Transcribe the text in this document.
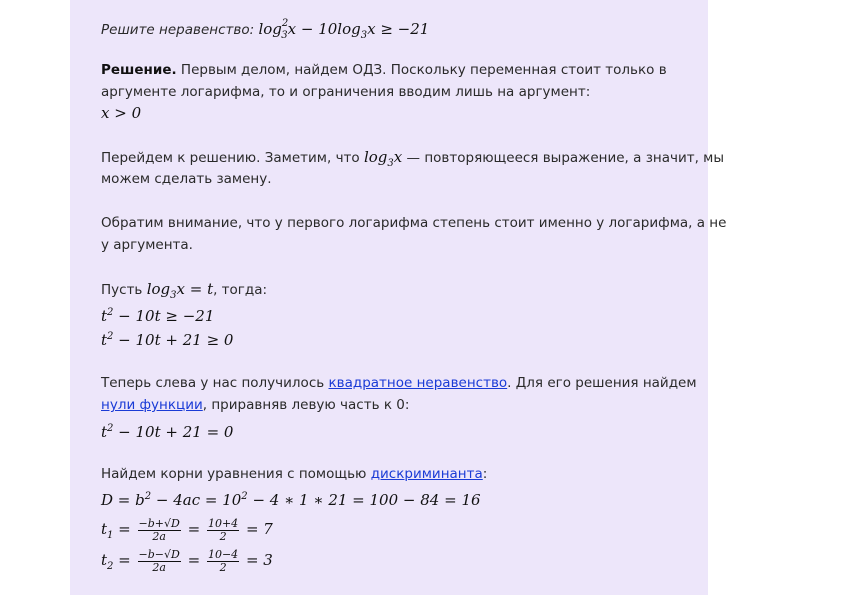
Решите неравенство: $\log^2_3x - 10\log_3x \ge -21$
Решение. Первым делом, найдем ОДЗ. Поскольку переменная стоит только в
аргументе логарифма, то и ограничения вводим лишь на аргумент:
x > 0
Перейдем к решению. Заметим, что $\log_3x$ — повторяющееся выражение, а значит, мы
можем сделать замену.
Обратим внимание, что у первого логарифма степень стоит именно у логарифма, а не
у аргумента.
Пусть $\log_3x = t$, тогда:
$t^2 - 10t \ge -21$
$t^2 - 10t + 21 \ge 0$
Теперь слева у нас получилось квадратное неравенство. Для его решения найдем
нули функции, приравняв левую часть к 0:
$t^2 - 10t + 21 = 0$
Найдем корни уравнения с помощью дискриминанта:
$D = b^2 - 4ac = 10^2 - 4$ ∗ 1 ∗ 21 = 100 − 84 = 16
$t_1 = \frac{-b+√D}{2a} = \frac{10+4}{2} = 7$
$t_2 = \frac{-b-√D}{2a} = \frac{10-4}{2} = 3$
